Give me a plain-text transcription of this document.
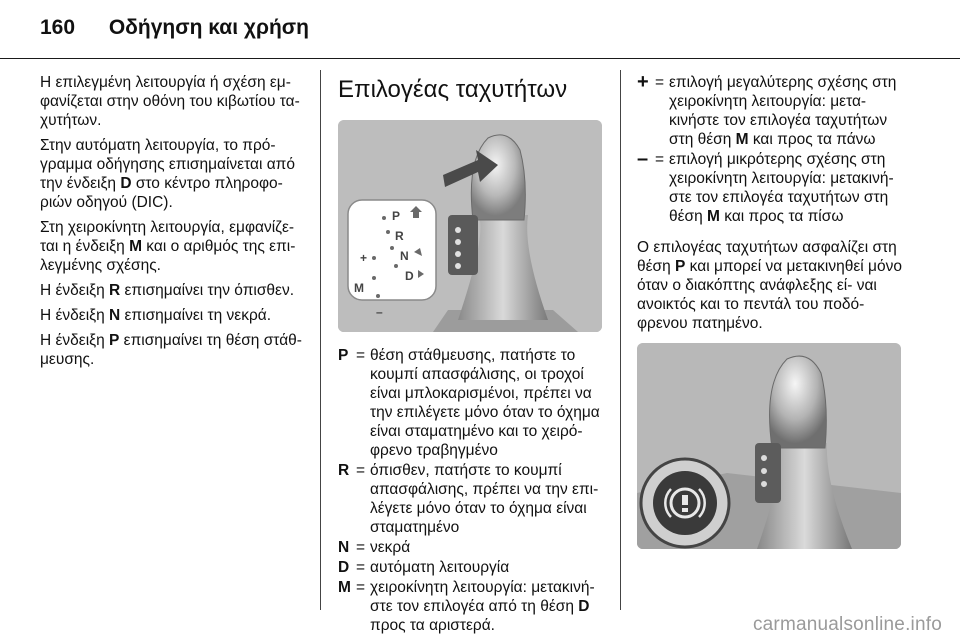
160 Οδήγηση και χρήση

Η επιλεγμένη λειτουργία ή σχέση εμ- φανίζεται στην οθόνη του κιβωτίου τα- χυτήτων.

Στην αυτόματη λειτουργία, το πρό- γραμμα οδήγησης επισημαίνεται από την ένδειξη D στο κέντρο πληροφο- ριών οδηγού (DIC).

Στη χειροκίνητη λειτουργία, εμφανίζε- ται η ένδειξη M και ο αριθμός της επι- λεγμένης σχέσης.

Η ένδειξη R επισημαίνει την όπισθεν.

Η ένδειξη N επισημαίνει τη νεκρά.

Η ένδειξη P επισημαίνει τη θέση στάθ- μευσης.

Επιλογέας ταχυτήτων
P
R
N
D
M
+
–
P = θέση στάθμευσης, πατήστε το κουμπί απασφάλισης, οι τροχοί είναι μπλοκαρισμένοι, πρέπει να την επιλέγετε μόνο όταν το όχημα είναι σταματημένο και το χειρό- φρενο τραβηγμένο
R = όπισθεν, πατήστε το κουμπί απασφάλισης, πρέπει να την επι- λέγετε μόνο όταν το όχημα είναι σταματημένο
N = νεκρά
D = αυτόματη λειτουργία
M = χειροκίνητη λειτουργία: μετακινή- στε τον επιλογέα από τη θέση D προς τα αριστερά.
+ = επιλογή μεγαλύτερης σχέσης στη χειροκίνητη λειτουργία: μετα- κινήστε τον επιλογέα ταχυτήτων στη θέση M και προς τα πάνω
– = επιλογή μικρότερης σχέσης στη χειροκίνητη λειτουργία: μετακινή- στε τον επιλογέα ταχυτήτων στη θέση M και προς τα πίσω

Ο επιλογέας ταχυτήτων ασφαλίζει στη θέση P και μπορεί να μετακινηθεί μόνο όταν ο διακόπτης ανάφλεξης εί- ναι ανοικτός και το πεντάλ του ποδό- φρενου πατημένο.

carmanualsonline.info
